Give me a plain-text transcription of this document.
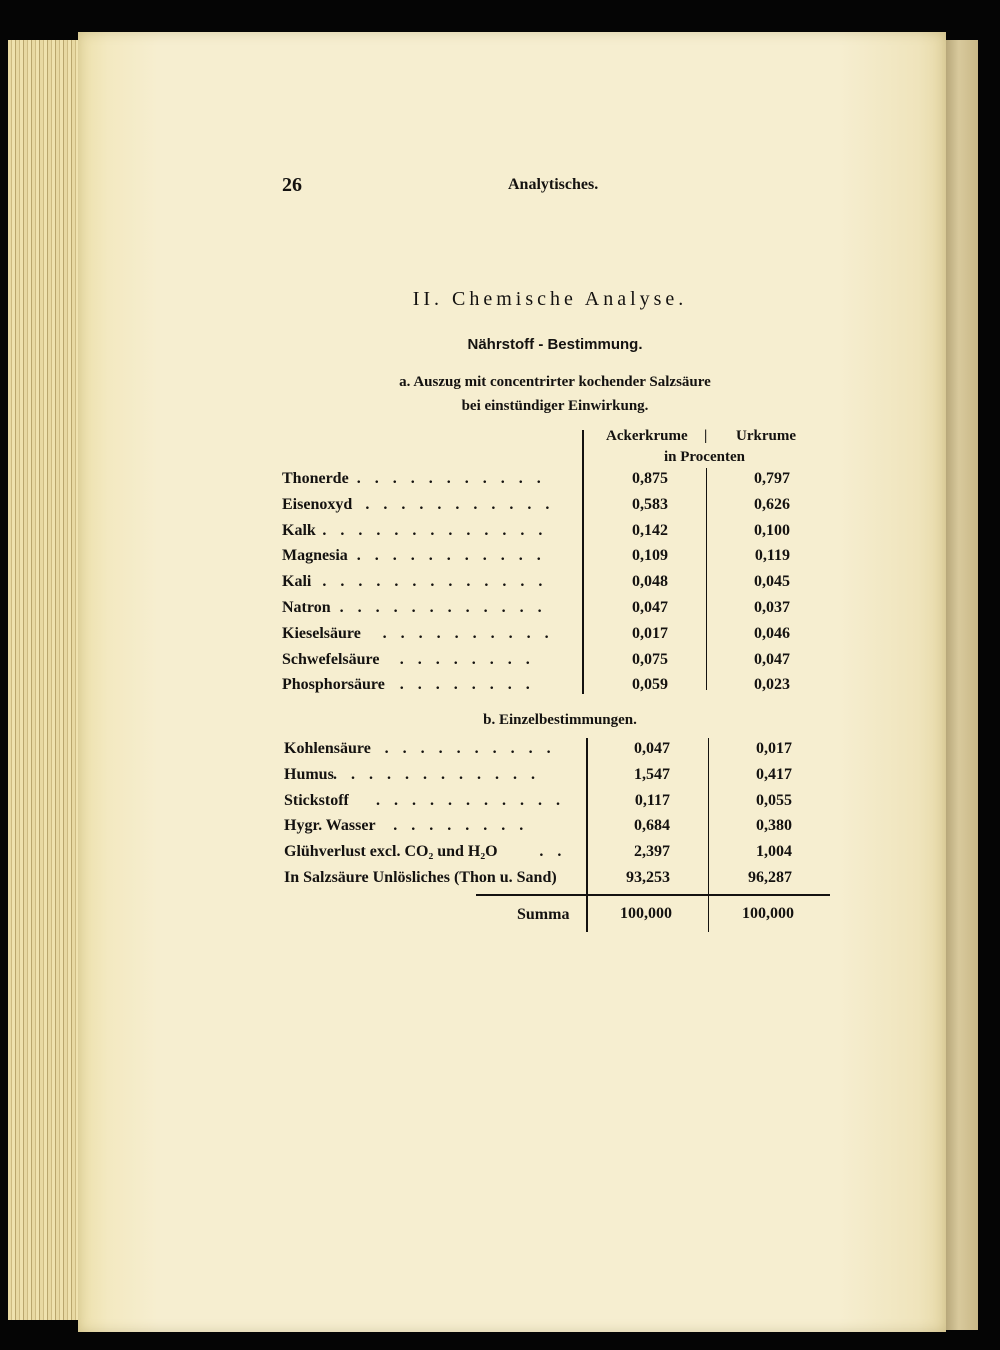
26	Analytisches.
II. Chemische Analyse.
Nährstoff - Bestimmung.
a. Auszug mit concentrirter kochender Salzsäure
bei einstündiger Einwirkung.
Ackerkrume | Urkrume
in Procenten
Thonerde . . . . . . . . . . .	0,875	0,797
Eisenoxyd . . . . . . . . . . .	0,583	0,626
Kalk . . . . . . . . . . . . .	0,142	0,100
Magnesia . . . . . . . . . . .	0,109	0,119
Kali . . . . . . . . . . . . .	0,048	0,045
Natron . . . . . . . . . . . .	0,047	0,037
Kieselsäure . . . . . . . . . .	0,017	0,046
Schwefelsäure . . . . . . . .	0,075	0,047
Phosphorsäure . . . . . . . .	0,059	0,023
b. Einzelbestimmungen.
Kohlensäure . . . . . . . . . .	0,047	0,017
Humus . . . . . . . . . . . .	1,547	0,417
Stickstoff . . . . . . . . . . .	0,117	0,055
Hygr. Wasser . . . . . . . .	0,684	0,380
Glühverlust excl. CO₂ und H₂O	. .	2,397	1,004
In Salzsäure Unlösliches (Thon u. Sand)	93,253	96,287
Summa	100,000	100,000
